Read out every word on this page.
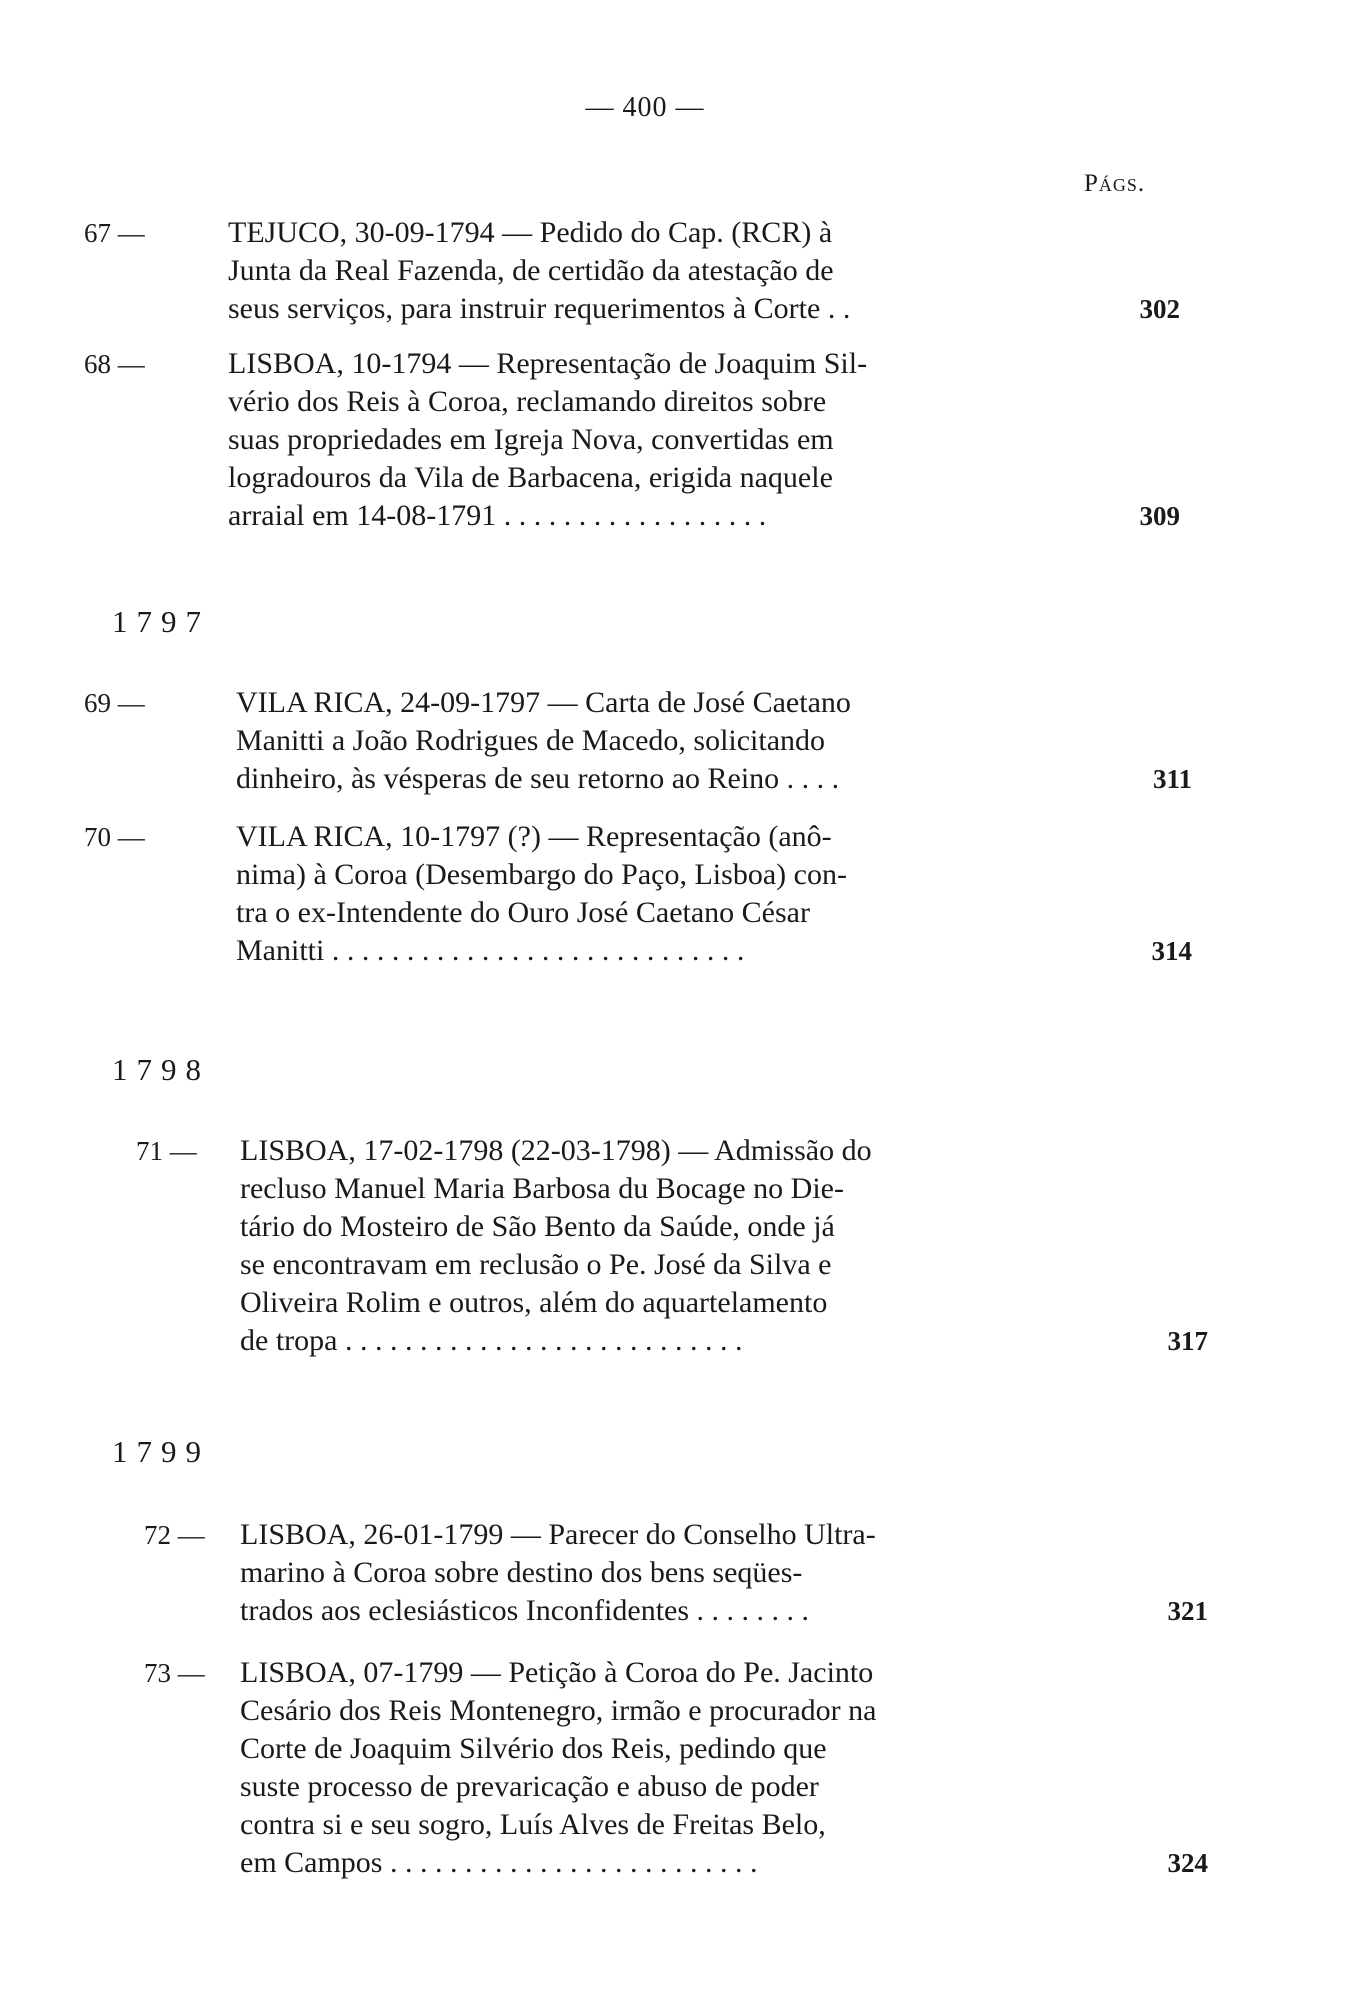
— 400 —
Págs.
67 —	TEJUCO, 30-09-1794 — Pedido do Cap. (RCR) à
Junta da Real Fazenda, de certidão da atestação de
seus serviços, para instruir requerimentos à Corte . .	302
68 —	LISBOA, 10-1794 — Representação de Joaquim Sil-
vério dos Reis à Coroa, reclamando direitos sobre
suas propriedades em Igreja Nova, convertidas em
logradouros da Vila de Barbacena, erigida naquele
arraial em 14-08-1791 . . . . . . . . . . . . . . . . . .	309
1797
69 —	VILA RICA, 24-09-1797 — Carta de José Caetano
Manitti a João Rodrigues de Macedo, solicitando
dinheiro, às vésperas de seu retorno ao Reino . . . .	311
70 —	VILA RICA, 10-1797 (?) — Representação (anô-
nima) à Coroa (Desembargo do Paço, Lisboa) con-
tra o ex-Intendente do Ouro José Caetano César
Manitti . . . . . . . . . . . . . . . . . . . . . . . . . . . .	314
1798
71 —	LISBOA, 17-02-1798 (22-03-1798) — Admissão do
recluso Manuel Maria Barbosa du Bocage no Die-
tário do Mosteiro de São Bento da Saúde, onde já
se encontravam em reclusão o Pe. José da Silva e
Oliveira Rolim e outros, além do aquartelamento
de tropa . . . . . . . . . . . . . . . . . . . . . . . . . . .	317
1799
72 —	LISBOA, 26-01-1799 — Parecer do Conselho Ultra-
marino à Coroa sobre destino dos bens seqües-
trados aos eclesiásticos Inconfidentes . . . . . . . .	321
73 —	LISBOA, 07-1799 — Petição à Coroa do Pe. Jacinto
Cesário dos Reis Montenegro, irmão e procurador na
Corte de Joaquim Silvério dos Reis, pedindo que
suste processo de prevaricação e abuso de poder
contra si e seu sogro, Luís Alves de Freitas Belo,
em Campos . . . . . . . . . . . . . . . . . . . . . . . . .	324
